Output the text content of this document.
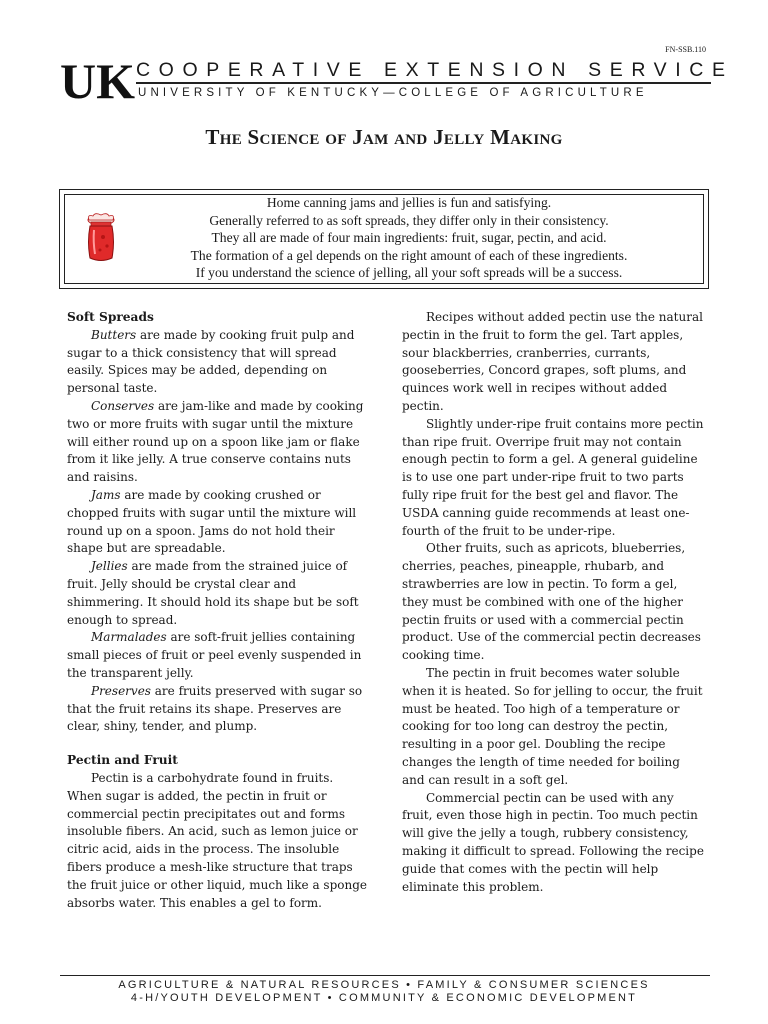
FN-SSB.110
UK COOPERATIVE EXTENSION SERVICE
UNIVERSITY OF KENTUCKY—COLLEGE OF AGRICULTURE
The Science of Jam and Jelly Making
Home canning jams and jellies is fun and satisfying.
Generally referred to as soft spreads, they differ only in their consistency.
They all are made of four main ingredients: fruit, sugar, pectin, and acid.
The formation of a gel depends on the right amount of each of these ingredients.
If you understand the science of jelling, all your soft spreads will be a success.
Soft Spreads

Butters are made by cooking fruit pulp and sugar to a thick consistency that will spread easily. Spices may be added, depending on personal taste.

Conserves are jam-like and made by cooking two or more fruits with sugar until the mixture will either round up on a spoon like jam or flake from it like jelly. A true conserve contains nuts and raisins.

Jams are made by cooking crushed or chopped fruits with sugar until the mixture will round up on a spoon. Jams do not hold their shape but are spreadable.

Jellies are made from the strained juice of fruit. Jelly should be crystal clear and shimmering. It should hold its shape but be soft enough to spread.

Marmalades are soft-fruit jellies containing small pieces of fruit or peel evenly suspended in the transparent jelly.

Preserves are fruits preserved with sugar so that the fruit retains its shape. Preserves are clear, shiny, tender, and plump.

Pectin and Fruit

Pectin is a carbohydrate found in fruits. When sugar is added, the pectin in fruit or commercial pectin precipitates out and forms insoluble fibers. An acid, such as lemon juice or citric acid, aids in the process. The insoluble fibers produce a mesh-like structure that traps the fruit juice or other liquid, much like a sponge absorbs water. This enables a gel to form.

Recipes without added pectin use the natural pectin in the fruit to form the gel. Tart apples, sour blackberries, cranberries, currants, gooseberries, Concord grapes, soft plums, and quinces work well in recipes without added pectin.

Slightly under-ripe fruit contains more pectin than ripe fruit. Overripe fruit may not contain enough pectin to form a gel. A general guideline is to use one part under-ripe fruit to two parts fully ripe fruit for the best gel and flavor. The USDA canning guide recommends at least one-fourth of the fruit to be under-ripe.

Other fruits, such as apricots, blueberries, cherries, peaches, pineapple, rhubarb, and strawberries are low in pectin. To form a gel, they must be combined with one of the higher pectin fruits or used with a commercial pectin product. Use of the commercial pectin decreases cooking time.

The pectin in fruit becomes water soluble when it is heated. So for jelling to occur, the fruit must be heated. Too high of a temperature or cooking for too long can destroy the pectin, resulting in a poor gel. Doubling the recipe changes the length of time needed for boiling and can result in a soft gel.

Commercial pectin can be used with any fruit, even those high in pectin. Too much pectin will give the jelly a tough, rubbery consistency, making it difficult to spread. Following the recipe guide that comes with the pectin will help eliminate this problem.

AGRICULTURE & NATURAL RESOURCES • FAMILY & CONSUMER SCIENCES
4-H/YOUTH DEVELOPMENT • COMMUNITY & ECONOMIC DEVELOPMENT
